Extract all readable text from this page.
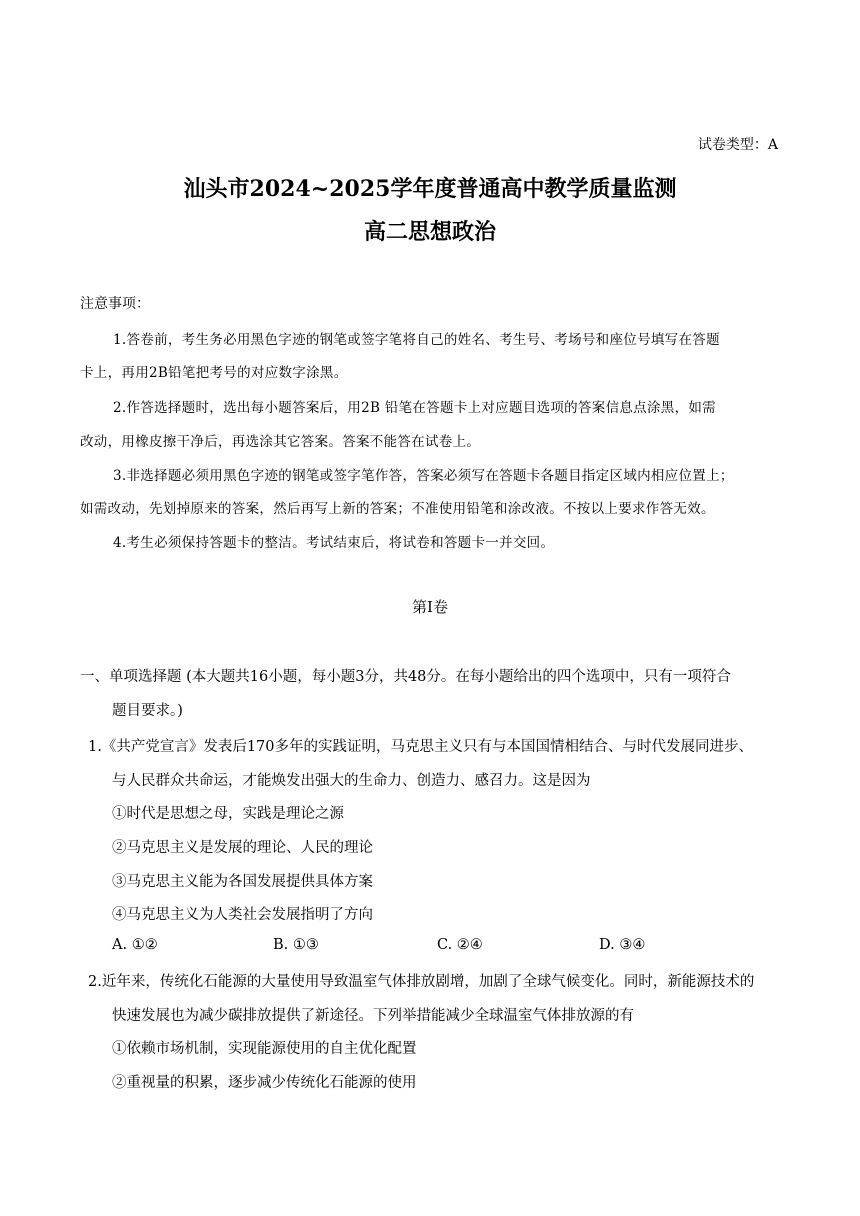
试卷类型：A
汕头市2024~2025学年度普通高中教学质量监测
高二思想政治
注意事项：
1.答卷前，考生务必用黑色字迹的钢笔或签字笔将自己的姓名、考生号、考场号和座位号填写在答题
卡上，再用2B铅笔把考号的对应数字涂黑。
2.作答选择题时，选出每小题答案后，用2B 铅笔在答题卡上对应题目选项的答案信息点涂黑，如需
改动，用橡皮擦干净后，再选涂其它答案。答案不能答在试卷上。
3.非选择题必须用黑色字迹的钢笔或签字笔作答，答案必须写在答题卡各题目指定区域内相应位置上；
如需改动，先划掉原来的答案，然后再写上新的答案；不准使用铅笔和涂改液。不按以上要求作答无效。
4.考生必须保持答题卡的整洁。考试结束后，将试卷和答题卡一并交回。
第Ⅰ卷
一、单项选择题 (本大题共16小题，每小题3分，共48分。在每小题给出的四个选项中，只有一项符合
题目要求。)
1.《共产党宣言》发表后170多年的实践证明，马克思主义只有与本国国情相结合、与时代发展同进步、
与人民群众共命运，才能焕发出强大的生命力、创造力、感召力。这是因为
①时代是思想之母，实践是理论之源
②马克思主义是发展的理论、人民的理论
③马克思主义能为各国发展提供具体方案
④马克思主义为人类社会发展指明了方向
A. ①②	B. ①③	C. ②④	D. ③④
2.近年来，传统化石能源的大量使用导致温室气体排放剧增，加剧了全球气候变化。同时，新能源技术的
快速发展也为减少碳排放提供了新途径。下列举措能减少全球温室气体排放源的有
①依赖市场机制，实现能源使用的自主优化配置
②重视量的积累，逐步减少传统化石能源的使用
